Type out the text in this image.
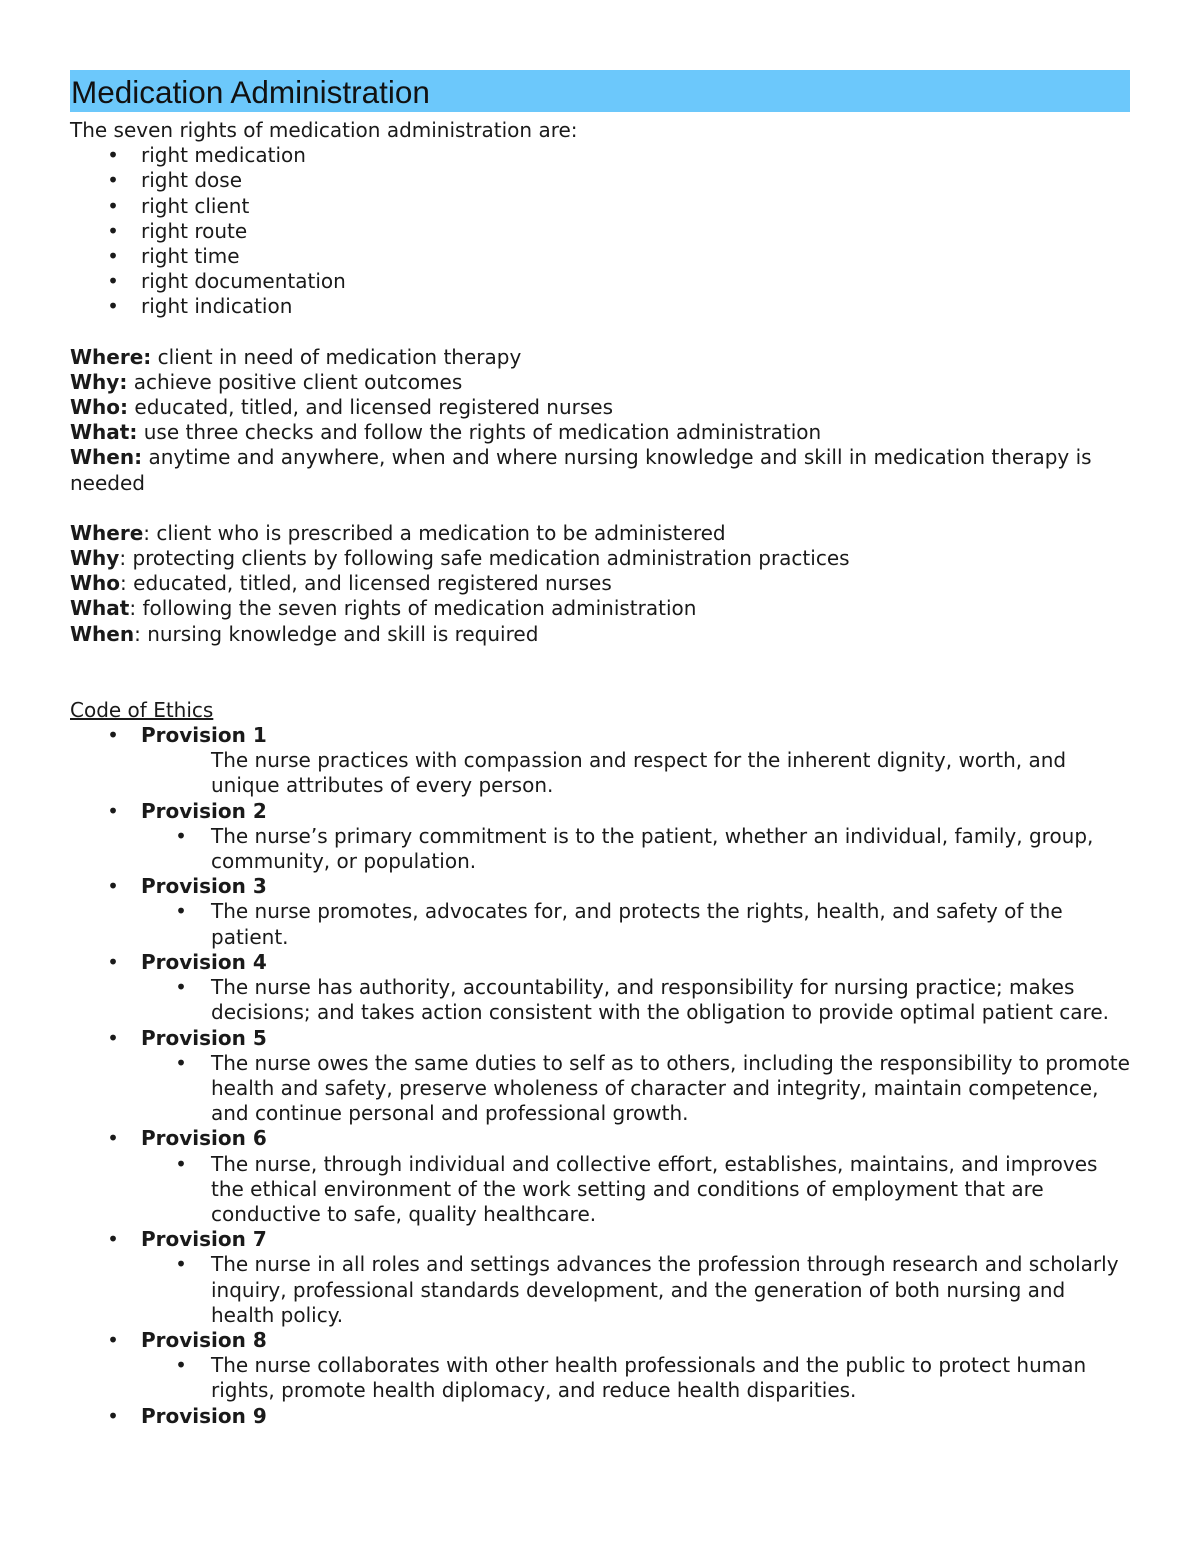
Medication Administration
The seven rights of medication administration are:
• right medication
• right dose
• right client
• right route
• right time
• right documentation
• right indication
Where: client in need of medication therapy
Why: achieve positive client outcomes
Who: educated, titled, and licensed registered nurses
What: use three checks and follow the rights of medication administration
When: anytime and anywhere, when and where nursing knowledge and skill in medication therapy is needed
Where: client who is prescribed a medication to be administered
Why: protecting clients by following safe medication administration practices
Who: educated, titled, and licensed registered nurses
What: following the seven rights of medication administration
When: nursing knowledge and skill is required
Code of Ethics
• Provision 1
The nurse practices with compassion and respect for the inherent dignity, worth, and unique attributes of every person.
• Provision 2
• The nurse’s primary commitment is to the patient, whether an individual, family, group, community, or population.
• Provision 3
• The nurse promotes, advocates for, and protects the rights, health, and safety of the patient.
• Provision 4
• The nurse has authority, accountability, and responsibility for nursing practice; makes decisions; and takes action consistent with the obligation to provide optimal patient care.
• Provision 5
• The nurse owes the same duties to self as to others, including the responsibility to promote health and safety, preserve wholeness of character and integrity, maintain competence, and continue personal and professional growth.
• Provision 6
• The nurse, through individual and collective effort, establishes, maintains, and improves the ethical environment of the work setting and conditions of employment that are conductive to safe, quality healthcare.
• Provision 7
• The nurse in all roles and settings advances the profession through research and scholarly inquiry, professional standards development, and the generation of both nursing and health policy.
• Provision 8
• The nurse collaborates with other health professionals and the public to protect human rights, promote health diplomacy, and reduce health disparities.
• Provision 9
